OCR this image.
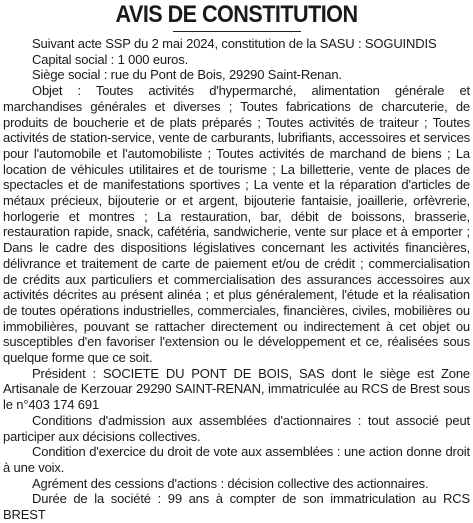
AVIS DE CONSTITUTION

Suivant acte SSP du 2 mai 2024, constitution de la SASU : SOGUINDIS

Capital social : 1 000 euros.

Siège social : rue du Pont de Bois, 29290 Saint-Renan.

Objet : Toutes activités d'hypermarché, alimentation générale et marchandises générales et diverses ; Toutes fabrications de charcuterie, de produits de boucherie et de plats préparés ; Toutes activités de traiteur ; Toutes activités de station-service, vente de carburants, lubrifiants, accessoires et services pour l'automobile et l'automobiliste ; Toutes activités de marchand de biens ; La location de véhicules utilitaires et de tourisme ; La billetterie, vente de places de spectacles et de manifestations sportives ; La vente et la réparation d'articles de métaux précieux, bijouterie or et argent, bijouterie fantaisie, joaillerie, orfèvrerie, horlogerie et montres ; La restauration, bar, débit de boissons, brasserie, restauration rapide, snack, cafétéria, sandwicherie, vente sur place et à emporter ; Dans le cadre des dispositions législatives concernant les activités financières, délivrance et traitement de carte de paiement et/ou de crédit ; commercialisation de crédits aux particuliers et commercialisation des assurances accessoires aux activités décrites au présent alinéa ; et plus généralement, l'étude et la réalisation de toutes opérations industrielles, commerciales, financières, civiles, mobilières ou immobilières, pouvant se rattacher directement ou indirectement à cet objet ou susceptibles d'en favoriser l'extension ou le développement et ce, réalisées sous quelque forme que ce soit.

Président : SOCIETE DU PONT DE BOIS, SAS dont le siège est Zone Artisanale de Kerzouar 29290 SAINT-RENAN, immatriculée au RCS de Brest sous le n°403 174 691

Conditions d'admission aux assemblées d'actionnaires : tout associé peut participer aux décisions collectives.

Condition d'exercice du droit de vote aux assemblées : une action donne droit à une voix.

Agrément des cessions d'actions : décision collective des actionnaires.

Durée de la société : 99 ans à compter de son immatriculation au RCS BREST
